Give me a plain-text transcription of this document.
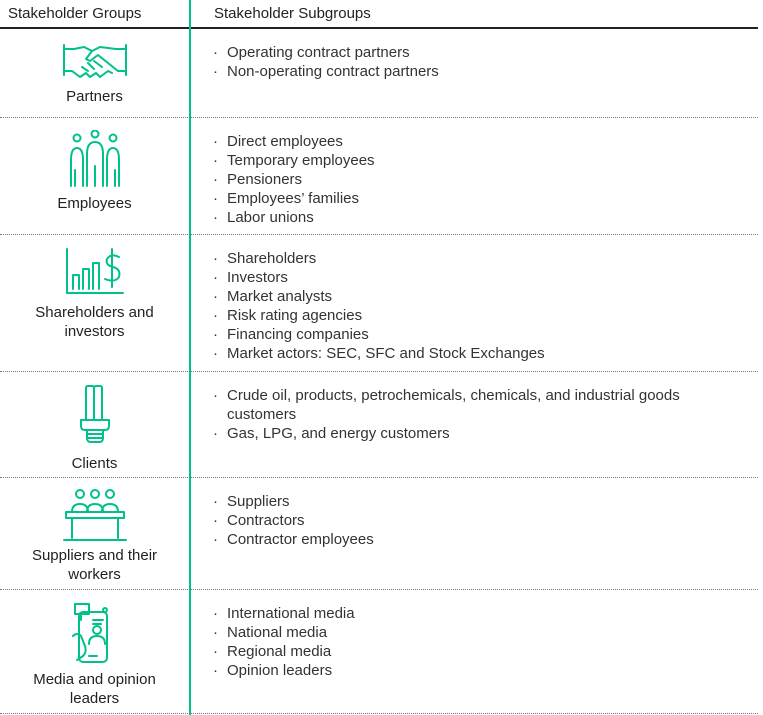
Stakeholder Groups	Stakeholder Subgroups
Partners
· Operating contract partners
· Non-operating contract partners
Employees
· Direct employees
· Temporary employees
· Pensioners
· Employees’ families
· Labor unions
Shareholders and
investors
· Shareholders
· Investors
· Market analysts
· Risk rating agencies
· Financing companies
· Market actors: SEC, SFC and Stock Exchanges
Clients
· Crude oil, products, petrochemicals, chemicals, and industrial goods customers
· Gas, LPG, and energy customers
Suppliers and their
workers
· Suppliers
· Contractors
· Contractor employees
Media and opinion
leaders
· International media
· National media
· Regional media
· Opinion leaders
